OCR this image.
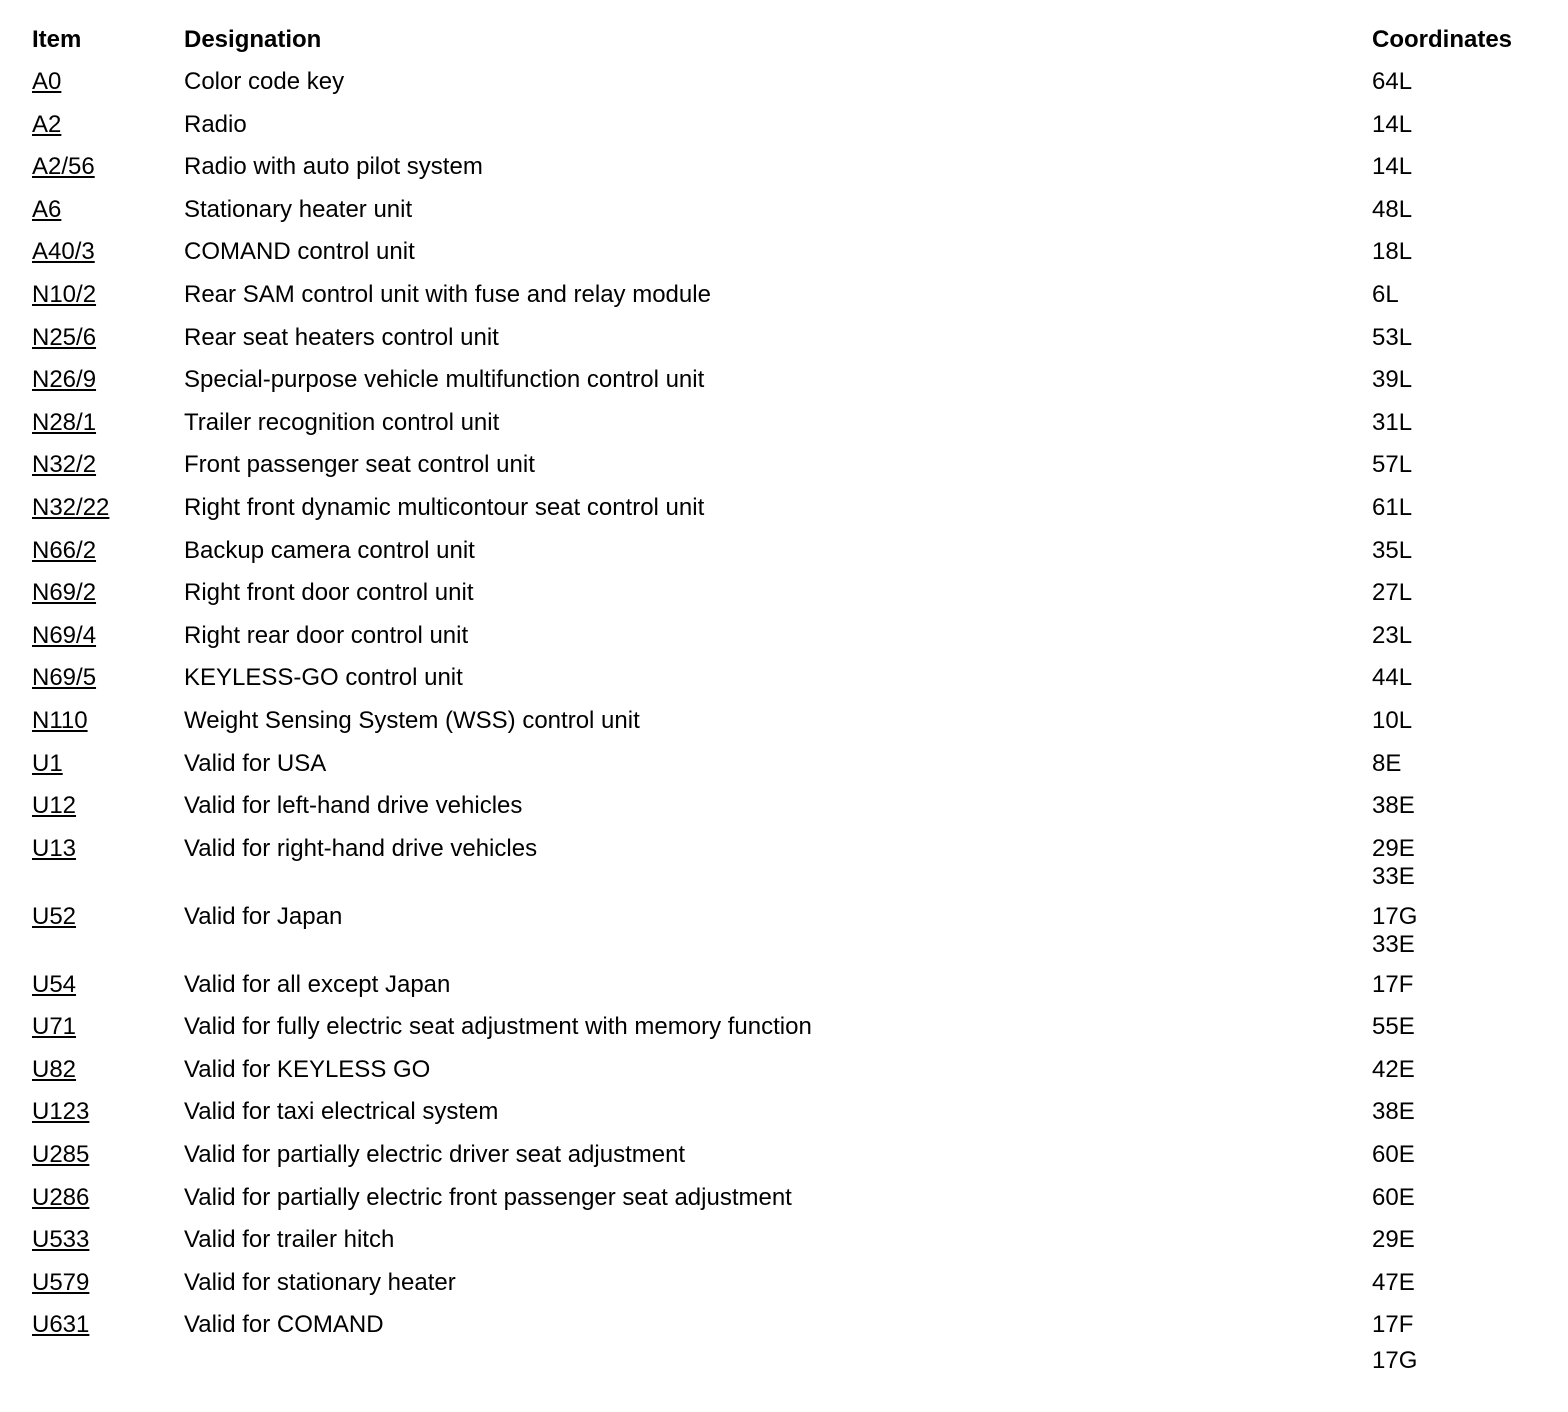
Item	Designation	Coordinates
A0	Color code key	64L

A2	Radio	14L

A2/56	Radio with auto pilot system	14L

A6	Stationary heater unit	48L

A40/3	COMAND control unit	18L

N10/2	Rear SAM control unit with fuse and relay module	6L

N25/6	Rear seat heaters control unit	53L

N26/9	Special-purpose vehicle multifunction control unit	39L

N28/1	Trailer recognition control unit	31L

N32/2	Front passenger seat control unit	57L

N32/22	Right front dynamic multicontour seat control unit	61L

N66/2	Backup camera control unit	35L

N69/2	Right front door control unit	27L

N69/4	Right rear door control unit	23L

N69/5	KEYLESS-GO control unit	44L

N110	Weight Sensing System (WSS) control unit	10L

U1	Valid for USA	8E

U12	Valid for left-hand drive vehicles	38E

U13	Valid for right-hand drive vehicles	29E
33E

U52	Valid for Japan	17G
33E

U54	Valid for all except Japan	17F

U71	Valid for fully electric seat adjustment with memory function	55E

U82	Valid for KEYLESS GO	42E

U123	Valid for taxi electrical system	38E

U285	Valid for partially electric driver seat adjustment	60E

U286	Valid for partially electric front passenger seat adjustment	60E

U533	Valid for trailer hitch	29E

U579	Valid for stationary heater	47E

U631	Valid for COMAND	17F
17G
